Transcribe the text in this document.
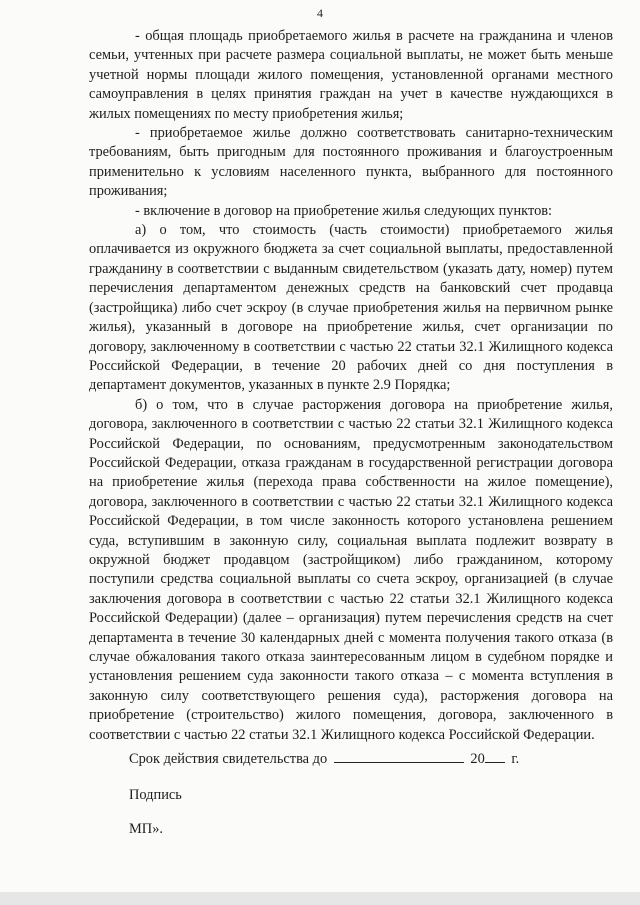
4

- общая площадь приобретаемого жилья в расчете на гражданина и членов семьи, учтенных при расчете размера социальной выплаты, не может быть меньше учетной нормы площади жилого помещения, установленной органами местного самоуправления в целях принятия граждан на учет в качестве нуждающихся в жилых помещениях по месту приобретения жилья;

- приобретаемое жилье должно соответствовать санитарно-техническим требованиям, быть пригодным для постоянного проживания и благоустроенным применительно к условиям населенного пункта, выбранного для постоянного проживания;

- включение в договор на приобретение жилья следующих пунктов:

а) о том, что стоимость (часть стоимости) приобретаемого жилья оплачивается из окружного бюджета за счет социальной выплаты, предоставленной гражданину в соответствии с выданным свидетельством (указать дату, номер) путем перечисления департаментом денежных средств на банковский счет продавца (застройщика) либо счет эскроу (в случае приобретения жилья на первичном рынке жилья), указанный в договоре на приобретение жилья, счет организации по договору, заключенному в соответствии с частью 22 статьи 32.1 Жилищного кодекса Российской Федерации, в течение 20 рабочих дней со дня поступления в департамент документов, указанных в пункте 2.9 Порядка;

б) о том, что в случае расторжения договора на приобретение жилья, договора, заключенного в соответствии с частью 22 статьи 32.1 Жилищного кодекса Российской Федерации, по основаниям, предусмотренным законодательством Российской Федерации, отказа гражданам в государственной регистрации договора на приобретение жилья (перехода права собственности на жилое помещение), договора, заключенного в соответствии с частью 22 статьи 32.1 Жилищного кодекса Российской Федерации, в том числе законность которого установлена решением суда, вступившим в законную силу, социальная выплата подлежит возврату в окружной бюджет продавцом (застройщиком) либо гражданином, которому поступили средства социальной выплаты со счета эскроу, организацией (в случае заключения договора в соответствии с частью 22 статьи 32.1 Жилищного кодекса Российской Федерации) (далее – организация) путем перечисления средств на счет департамента в течение 30 календарных дней с момента получения такого отказа (в случае обжалования такого отказа заинтересованным лицом в судебном порядке и установления решением суда законности такого отказа – с момента вступления в законную силу соответствующего решения суда), расторжения договора на приобретение (строительство) жилого помещения, договора, заключенного в соответствии с частью 22 статьи 32.1 Жилищного кодекса Российской Федерации.

Срок действия свидетельства до	20 г.
Подпись
МП».
